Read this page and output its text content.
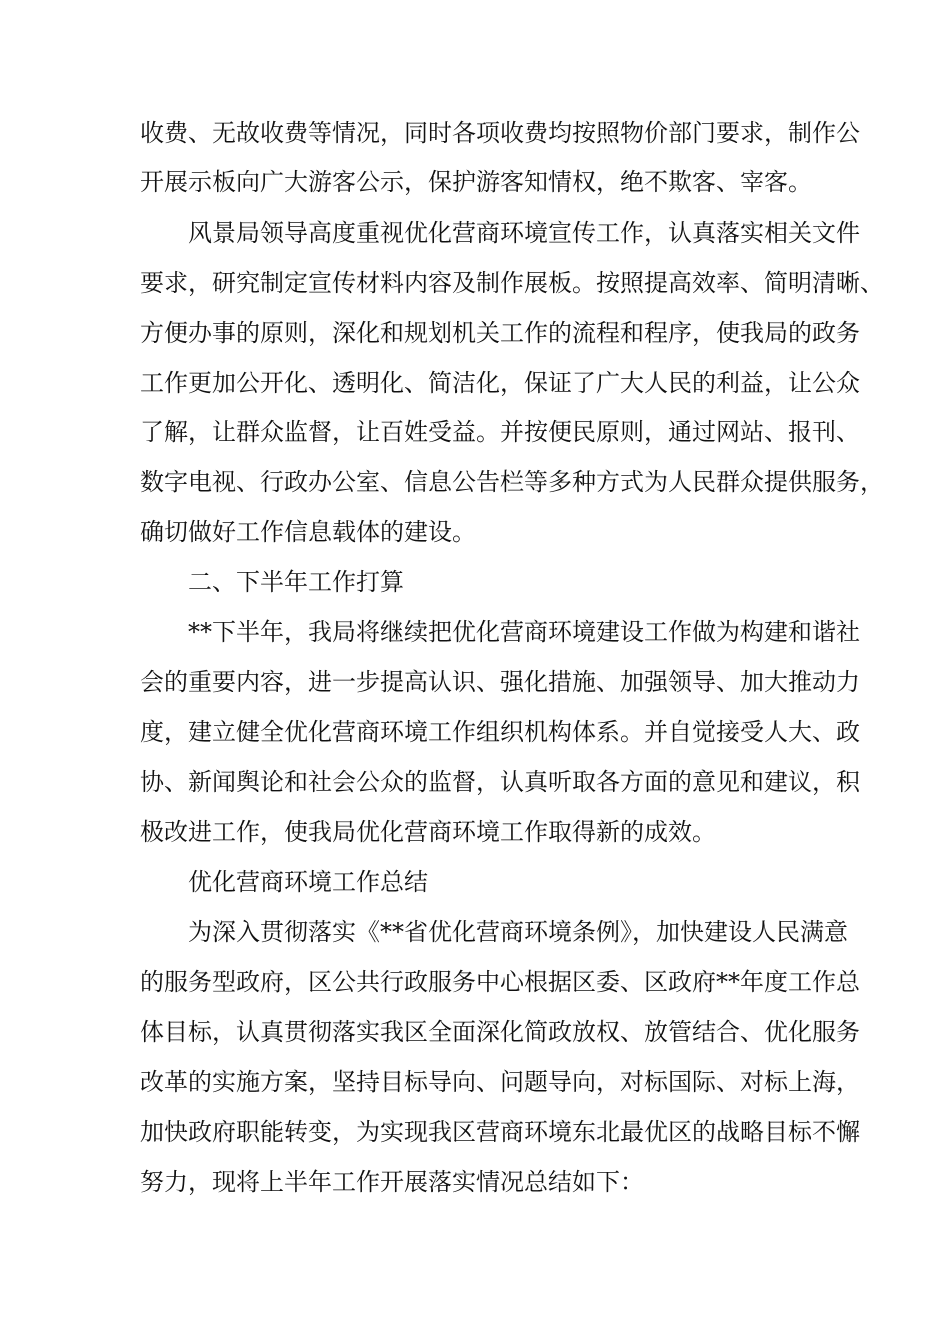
收费、无故收费等情况，同时各项收费均按照物价部门要求，制作公
开展示板向广大游客公示，保护游客知情权，绝不欺客、宰客。
风景局领导高度重视优化营商环境宣传工作，认真落实相关文件
要求，研究制定宣传材料内容及制作展板。按照提高效率、简明清晰、
方便办事的原则，深化和规划机关工作的流程和程序，使我局的政务
工作更加公开化、透明化、简洁化，保证了广大人民的利益，让公众
了解，让群众监督，让百姓受益。并按便民原则，通过网站、报刊、
数字电视、行政办公室、信息公告栏等多种方式为人民群众提供服务，
确切做好工作信息载体的建设。
二、下半年工作打算
**下半年，我局将继续把优化营商环境建设工作做为构建和谐社
会的重要内容，进一步提高认识、强化措施、加强领导、加大推动力
度，建立健全优化营商环境工作组织机构体系。并自觉接受人大、政
协、新闻舆论和社会公众的监督，认真听取各方面的意见和建议，积
极改进工作，使我局优化营商环境工作取得新的成效。
优化营商环境工作总结
为深入贯彻落实《**省优化营商环境条例》，加快建设人民满意
的服务型政府，区公共行政服务中心根据区委、区政府**年度工作总
体目标，认真贯彻落实我区全面深化简政放权、放管结合、优化服务
改革的实施方案，坚持目标导向、问题导向，对标国际、对标上海，
加快政府职能转变，为实现我区营商环境东北最优区的战略目标不懈
努力，现将上半年工作开展落实情况总结如下：
